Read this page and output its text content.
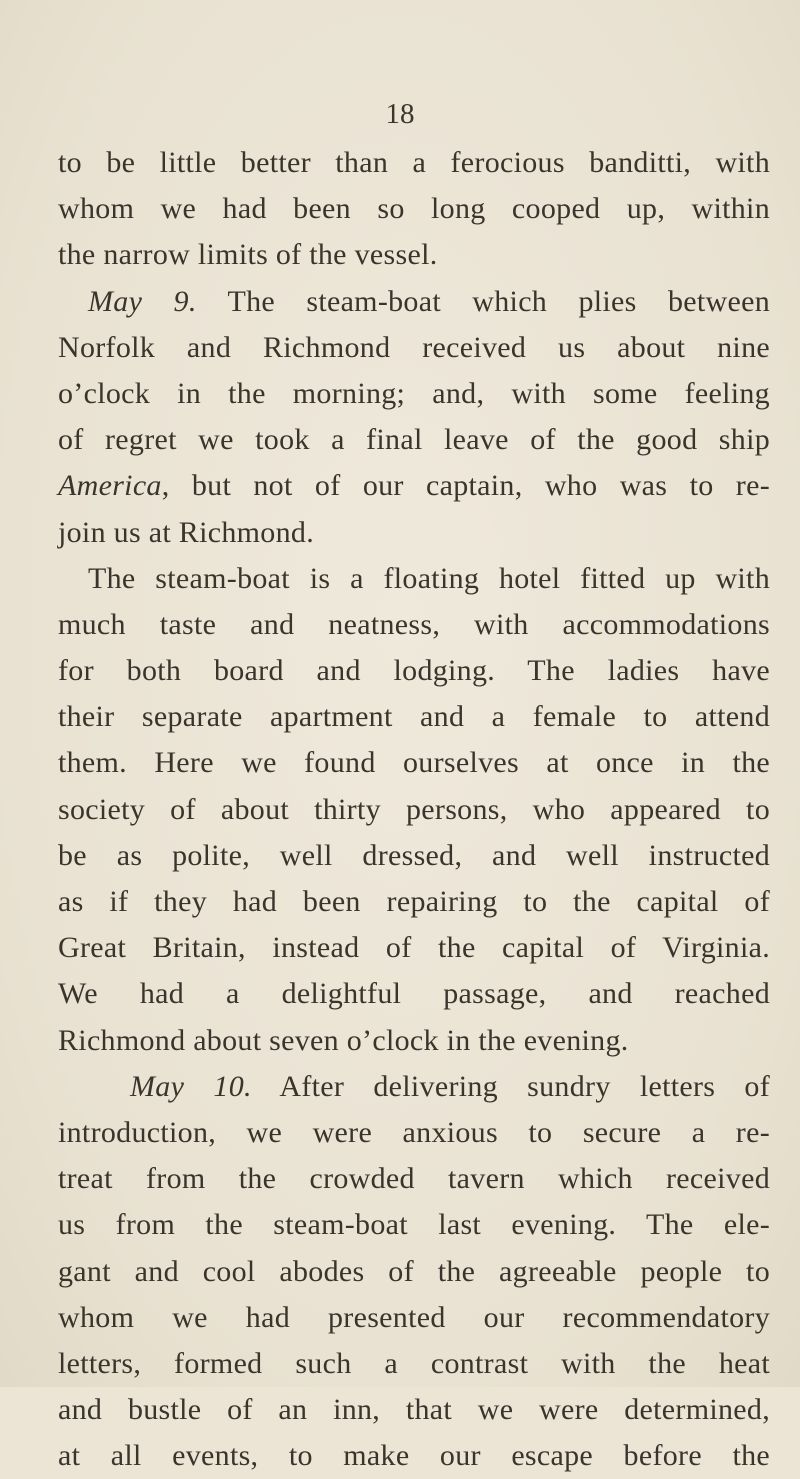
18
to be little better than a ferocious banditti, with
whom we had been so long cooped up, within
the narrow limits of the vessel.
May 9. The steam-boat which plies between
Norfolk and Richmond received us about nine
o’clock in the morning; and, with some feeling
of regret we took a final leave of the good ship
America, but not of our captain, who was to re-
join us at Richmond.
The steam-boat is a floating hotel fitted up with
much taste and neatness, with accommodations
for both board and lodging. The ladies have
their separate apartment and a female to attend
them. Here we found ourselves at once in the
society of about thirty persons, who appeared to
be as polite, well dressed, and well instructed
as if they had been repairing to the capital of
Great Britain, instead of the capital of Virginia.
We had a delightful passage, and reached
Richmond about seven o’clock in the evening.
May 10. After delivering sundry letters of
introduction, we were anxious to secure a re-
treat from the crowded tavern which received
us from the steam-boat last evening. The ele-
gant and cool abodes of the agreeable people to
whom we had presented our recommendatory
letters, formed such a contrast with the heat
and bustle of an inn, that we were determined,
at all events, to make our escape before the
